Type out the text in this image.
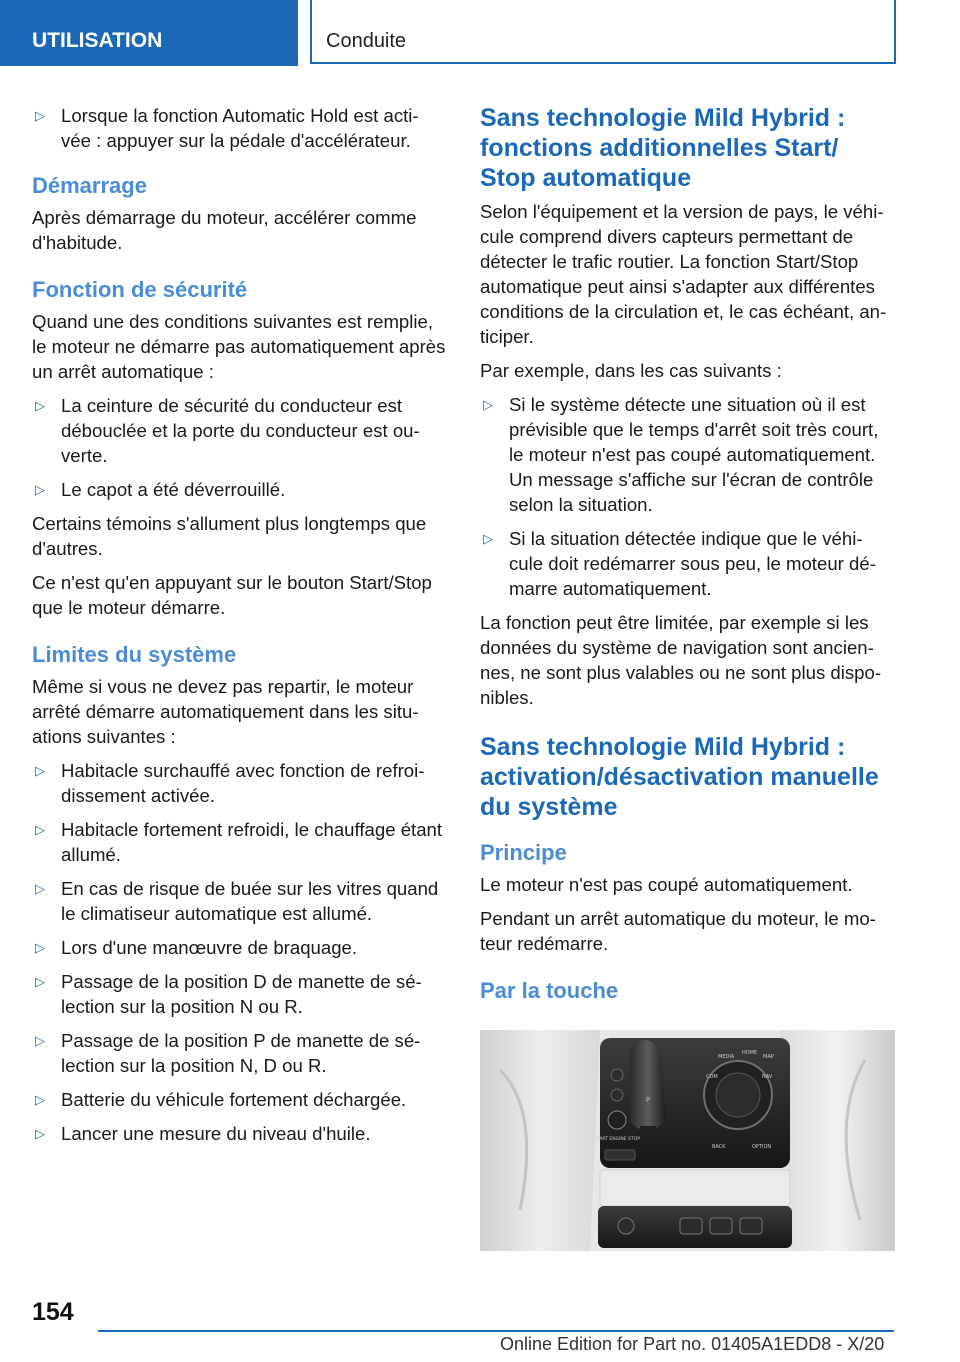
UTILISATION	Conduite
▷ Lorsque la fonction Automatic Hold est acti- vée : appuyer sur la pédale d'accélérateur.
Démarrage

Après démarrage du moteur, accélérer comme d'habitude.

Fonction de sécurité

Quand une des conditions suivantes est remplie, le moteur ne démarre pas automatiquement après un arrêt automatique :

▷ La ceinture de sécurité du conducteur est débouclée et la porte du conducteur est ou- verte.
▷ Le capot a été déverrouillé.

Certains témoins s'allument plus longtemps que d'autres.

Ce n'est qu'en appuyant sur le bouton Start/Stop que le moteur démarre.

Limites du système

Même si vous ne devez pas repartir, le moteur arrêté démarre automatiquement dans les situ- ations suivantes :

▷ Habitacle surchauffé avec fonction de refroi- dissement activée.
▷ Habitacle fortement refroidi, le chauffage étant allumé.
▷ En cas de risque de buée sur les vitres quand le climatiseur automatique est allumé.
▷ Lors d'une manœuvre de braquage.
▷ Passage de la position D de manette de sé- lection sur la position N ou R.
▷ Passage de la position P de manette de sé- lection sur la position N, D ou R.
▷ Batterie du véhicule fortement déchargée.
▷ Lancer une mesure du niveau d'huile.
Sans technologie Mild Hybrid : fonctions additionnelles Start/ Stop automatique

Selon l'équipement et la version de pays, le véhi- cule comprend divers capteurs permettant de détecter le trafic routier. La fonction Start/Stop automatique peut ainsi s'adapter aux différentes conditions de la circulation et, le cas échéant, an- ticiper.

Par exemple, dans les cas suivants :

▷ Si le système détecte une situation où il est prévisible que le temps d'arrêt soit très court, le moteur n'est pas coupé automatiquement. Un message s'affiche sur l'écran de contrôle selon la situation.
▷ Si la situation détectée indique que le véhi- cule doit redémarrer sous peu, le moteur dé- marre automatiquement.

La fonction peut être limitée, par exemple si les données du système de navigation sont ancien- nes, ne sont plus valables ou ne sont plus dispo- nibles.

Sans technologie Mild Hybrid : activation/désactivation manuelle du système
Principe

Le moteur n'est pas coupé automatiquement.

Pendant un arrêt automatique du moteur, le mo- teur redémarre.

Par la touche
P
START ENGINE STOP
MEDIA
HOME
MAP
COM	NAV
BACK	OPTION
154
Online Edition for Part no. 01405A1EDD8 - X/20
